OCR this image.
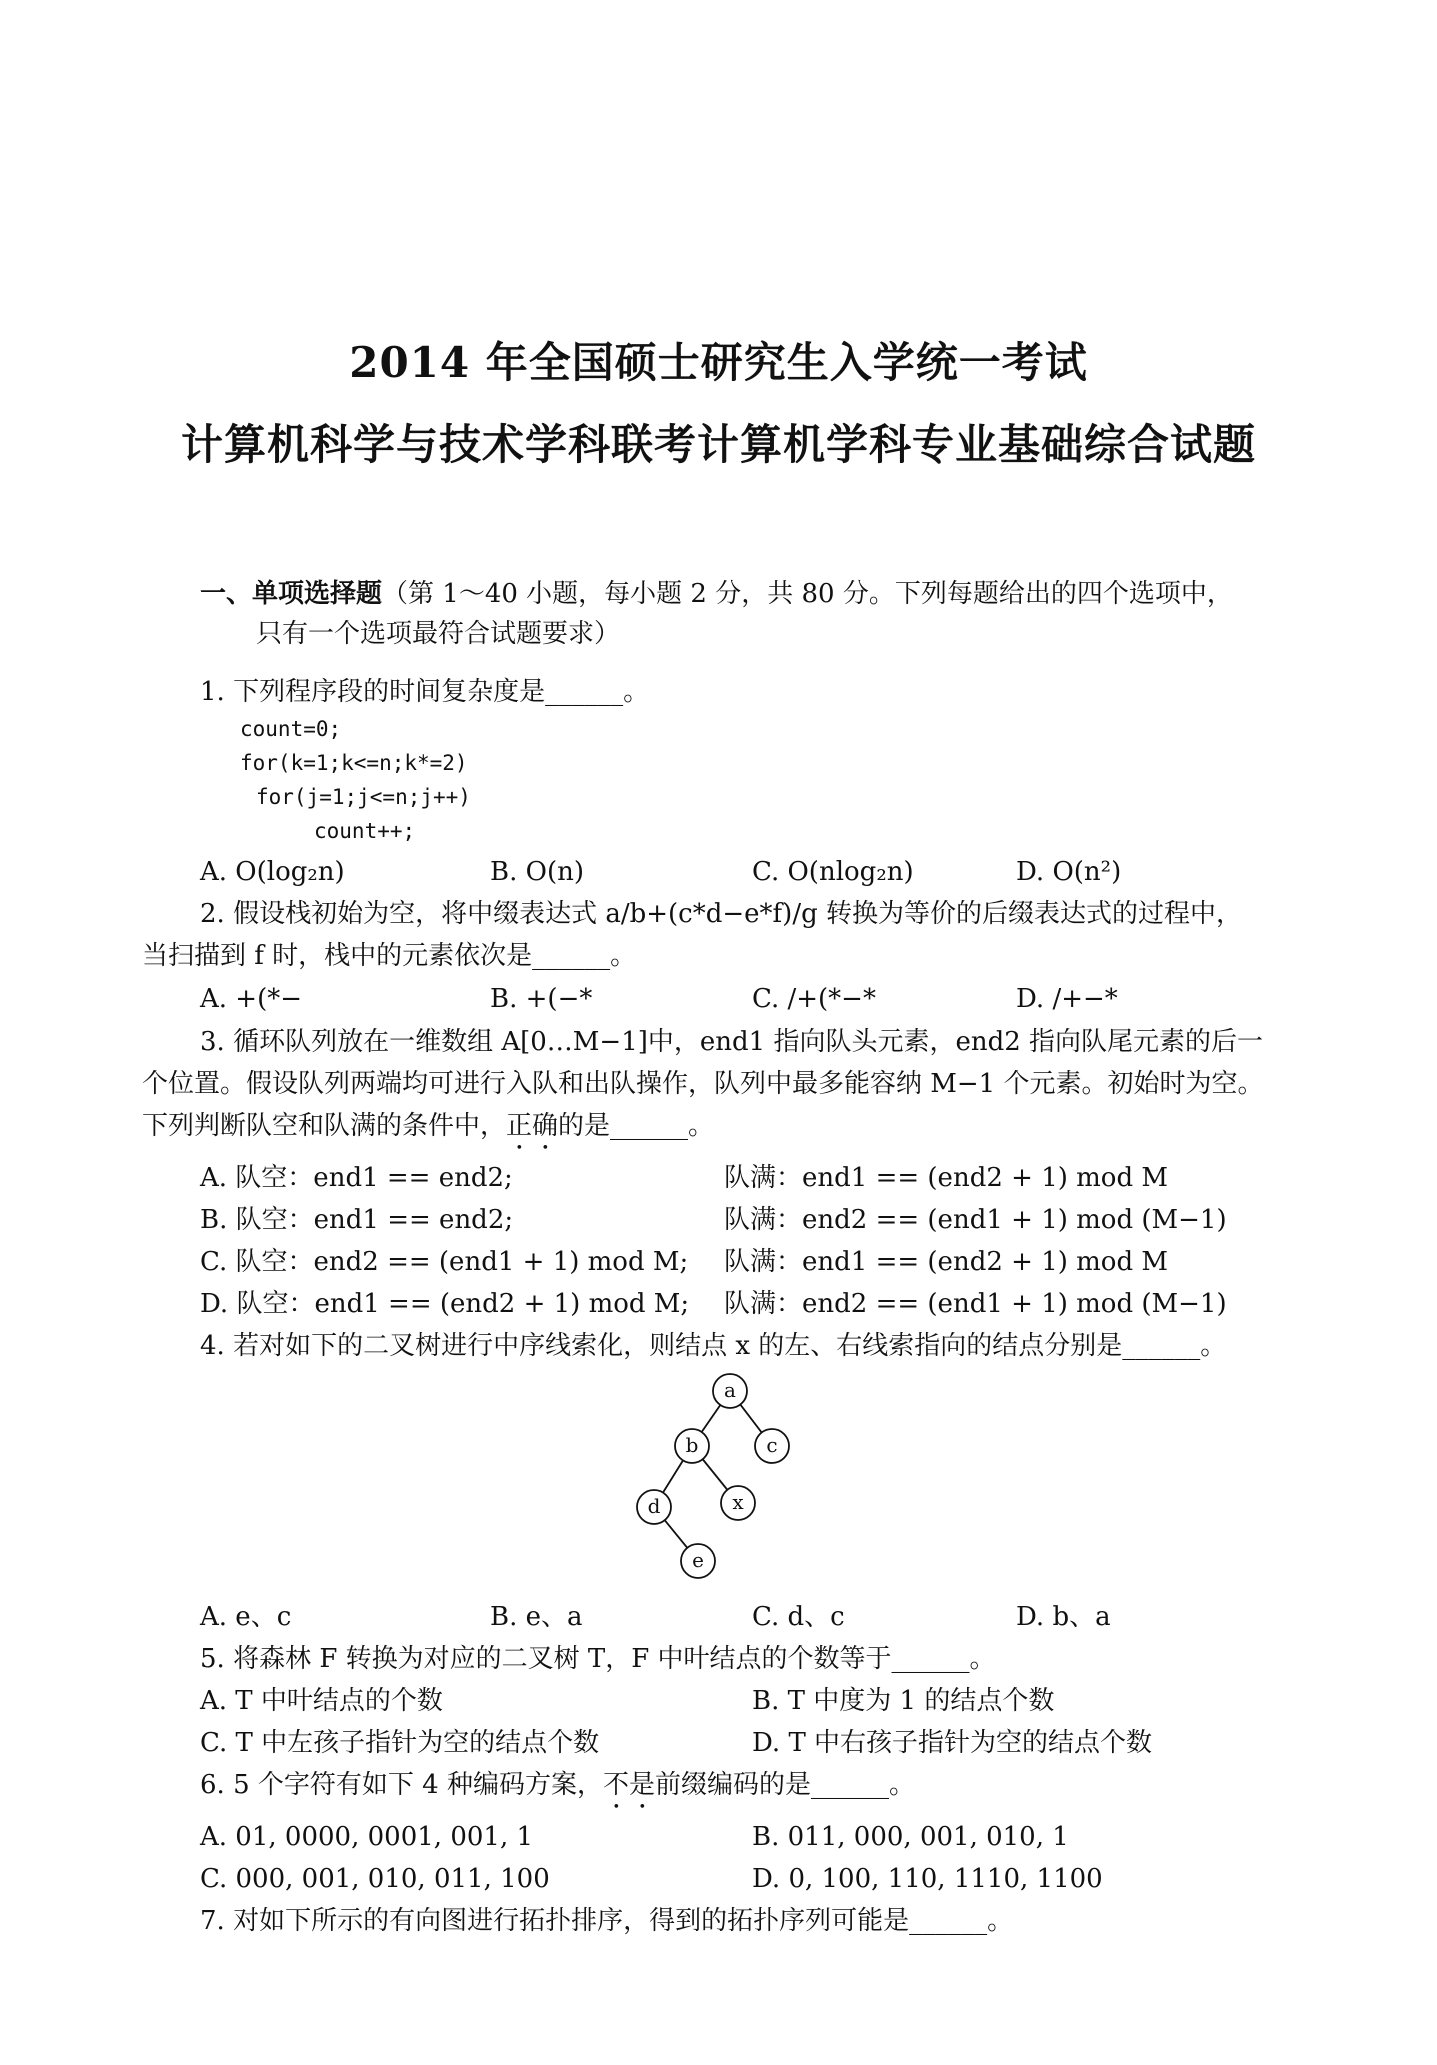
2014 年全国硕士研究生入学统一考试
计算机科学与技术学科联考计算机学科专业基础综合试题
一、单项选择题（第 1～40 小题，每小题 2 分，共 80 分。下列每题给出的四个选项中，
只有一个选项最符合试题要求）
1. 下列程序段的时间复杂度是______。
count=0;
for(k=1;k<=n;k*=2)
for(j=1;j<=n;j++)
count++;
A. O(log₂n)	B. O(n)	C. O(nlog₂n)	D. O(n²)
2. 假设栈初始为空，将中缀表达式 a/b+(c*d−e*f)/g 转换为等价的后缀表达式的过程中，
当扫描到 f 时，栈中的元素依次是______。
A. +(*−	B. +(−*	C. /+(*−*	D. /+−*
3. 循环队列放在一维数组 A[0…M−1]中，end1 指向队头元素，end2 指向队尾元素的后一
个位置。假设队列两端均可进行入队和出队操作，队列中最多能容纳 M−1 个元素。初始时为空。
下列判断队空和队满的条件中，正确的是______。
A. 队空：end1 == end2;	队满：end1 == (end2 + 1) mod M
B. 队空：end1 == end2;	队满：end2 == (end1 + 1) mod (M−1)
C. 队空：end2 == (end1 + 1) mod M; 队满：end1 == (end2 + 1) mod M
D. 队空：end1 == (end2 + 1) mod M; 队满：end2 == (end1 + 1) mod (M−1)
4. 若对如下的二叉树进行中序线索化，则结点 x 的左、右线索指向的结点分别是______。
a
b	c
d	x
e
A. e、c	B. e、a	C. d、c	D. b、a
5. 将森林 F 转换为对应的二叉树 T，F 中叶结点的个数等于______。
A. T 中叶结点的个数	B. T 中度为 1 的结点个数
C. T 中左孩子指针为空的结点个数	D. T 中右孩子指针为空的结点个数
6. 5 个字符有如下 4 种编码方案，不是前缀编码的是______。
A. 01, 0000, 0001, 001, 1	B. 011, 000, 001, 010, 1
C. 000, 001, 010, 011, 100	D. 0, 100, 110, 1110, 1100
7. 对如下所示的有向图进行拓扑排序，得到的拓扑序列可能是______。
